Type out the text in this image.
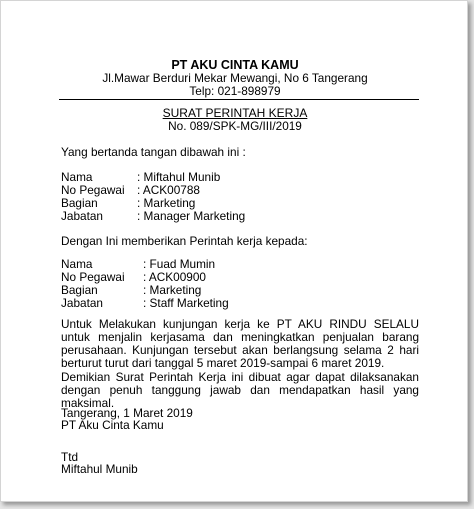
PT AKU CINTA KAMU
Jl.Mawar Berduri Mekar Mewangi, No 6 Tangerang
Telp: 021-898979
SURAT PERINTAH KERJA
No. 089/SPK-MG/III/2019
Yang bertanda tangan dibawah ini :
Nama	: Miftahul Munib
No Pegawai : ACK00788
Bagian	: Marketing
Jabatan	: Manager Marketing
Dengan Ini memberikan Perintah kerja kepada:
Nama	: Fuad Mumin
No Pegawai : ACK00900
Bagian	: Marketing
Jabatan	: Staff Marketing
Untuk Melakukan kunjungan kerja ke PT AKU RINDU SELALU untuk menjalin kerjasama dan meningkatkan penjualan barang perusahaan. Kunjungan tersebut akan berlangsung selama 2 hari berturut turut dari tanggal 5 maret 2019-sampai 6 maret 2019.
Demikian Surat Perintah Kerja ini dibuat agar dapat dilaksanakan dengan penuh tanggung jawab dan mendapatkan hasil yang maksimal.
Tangerang, 1 Maret 2019
PT Aku Cinta Kamu
Ttd
Miftahul Munib
